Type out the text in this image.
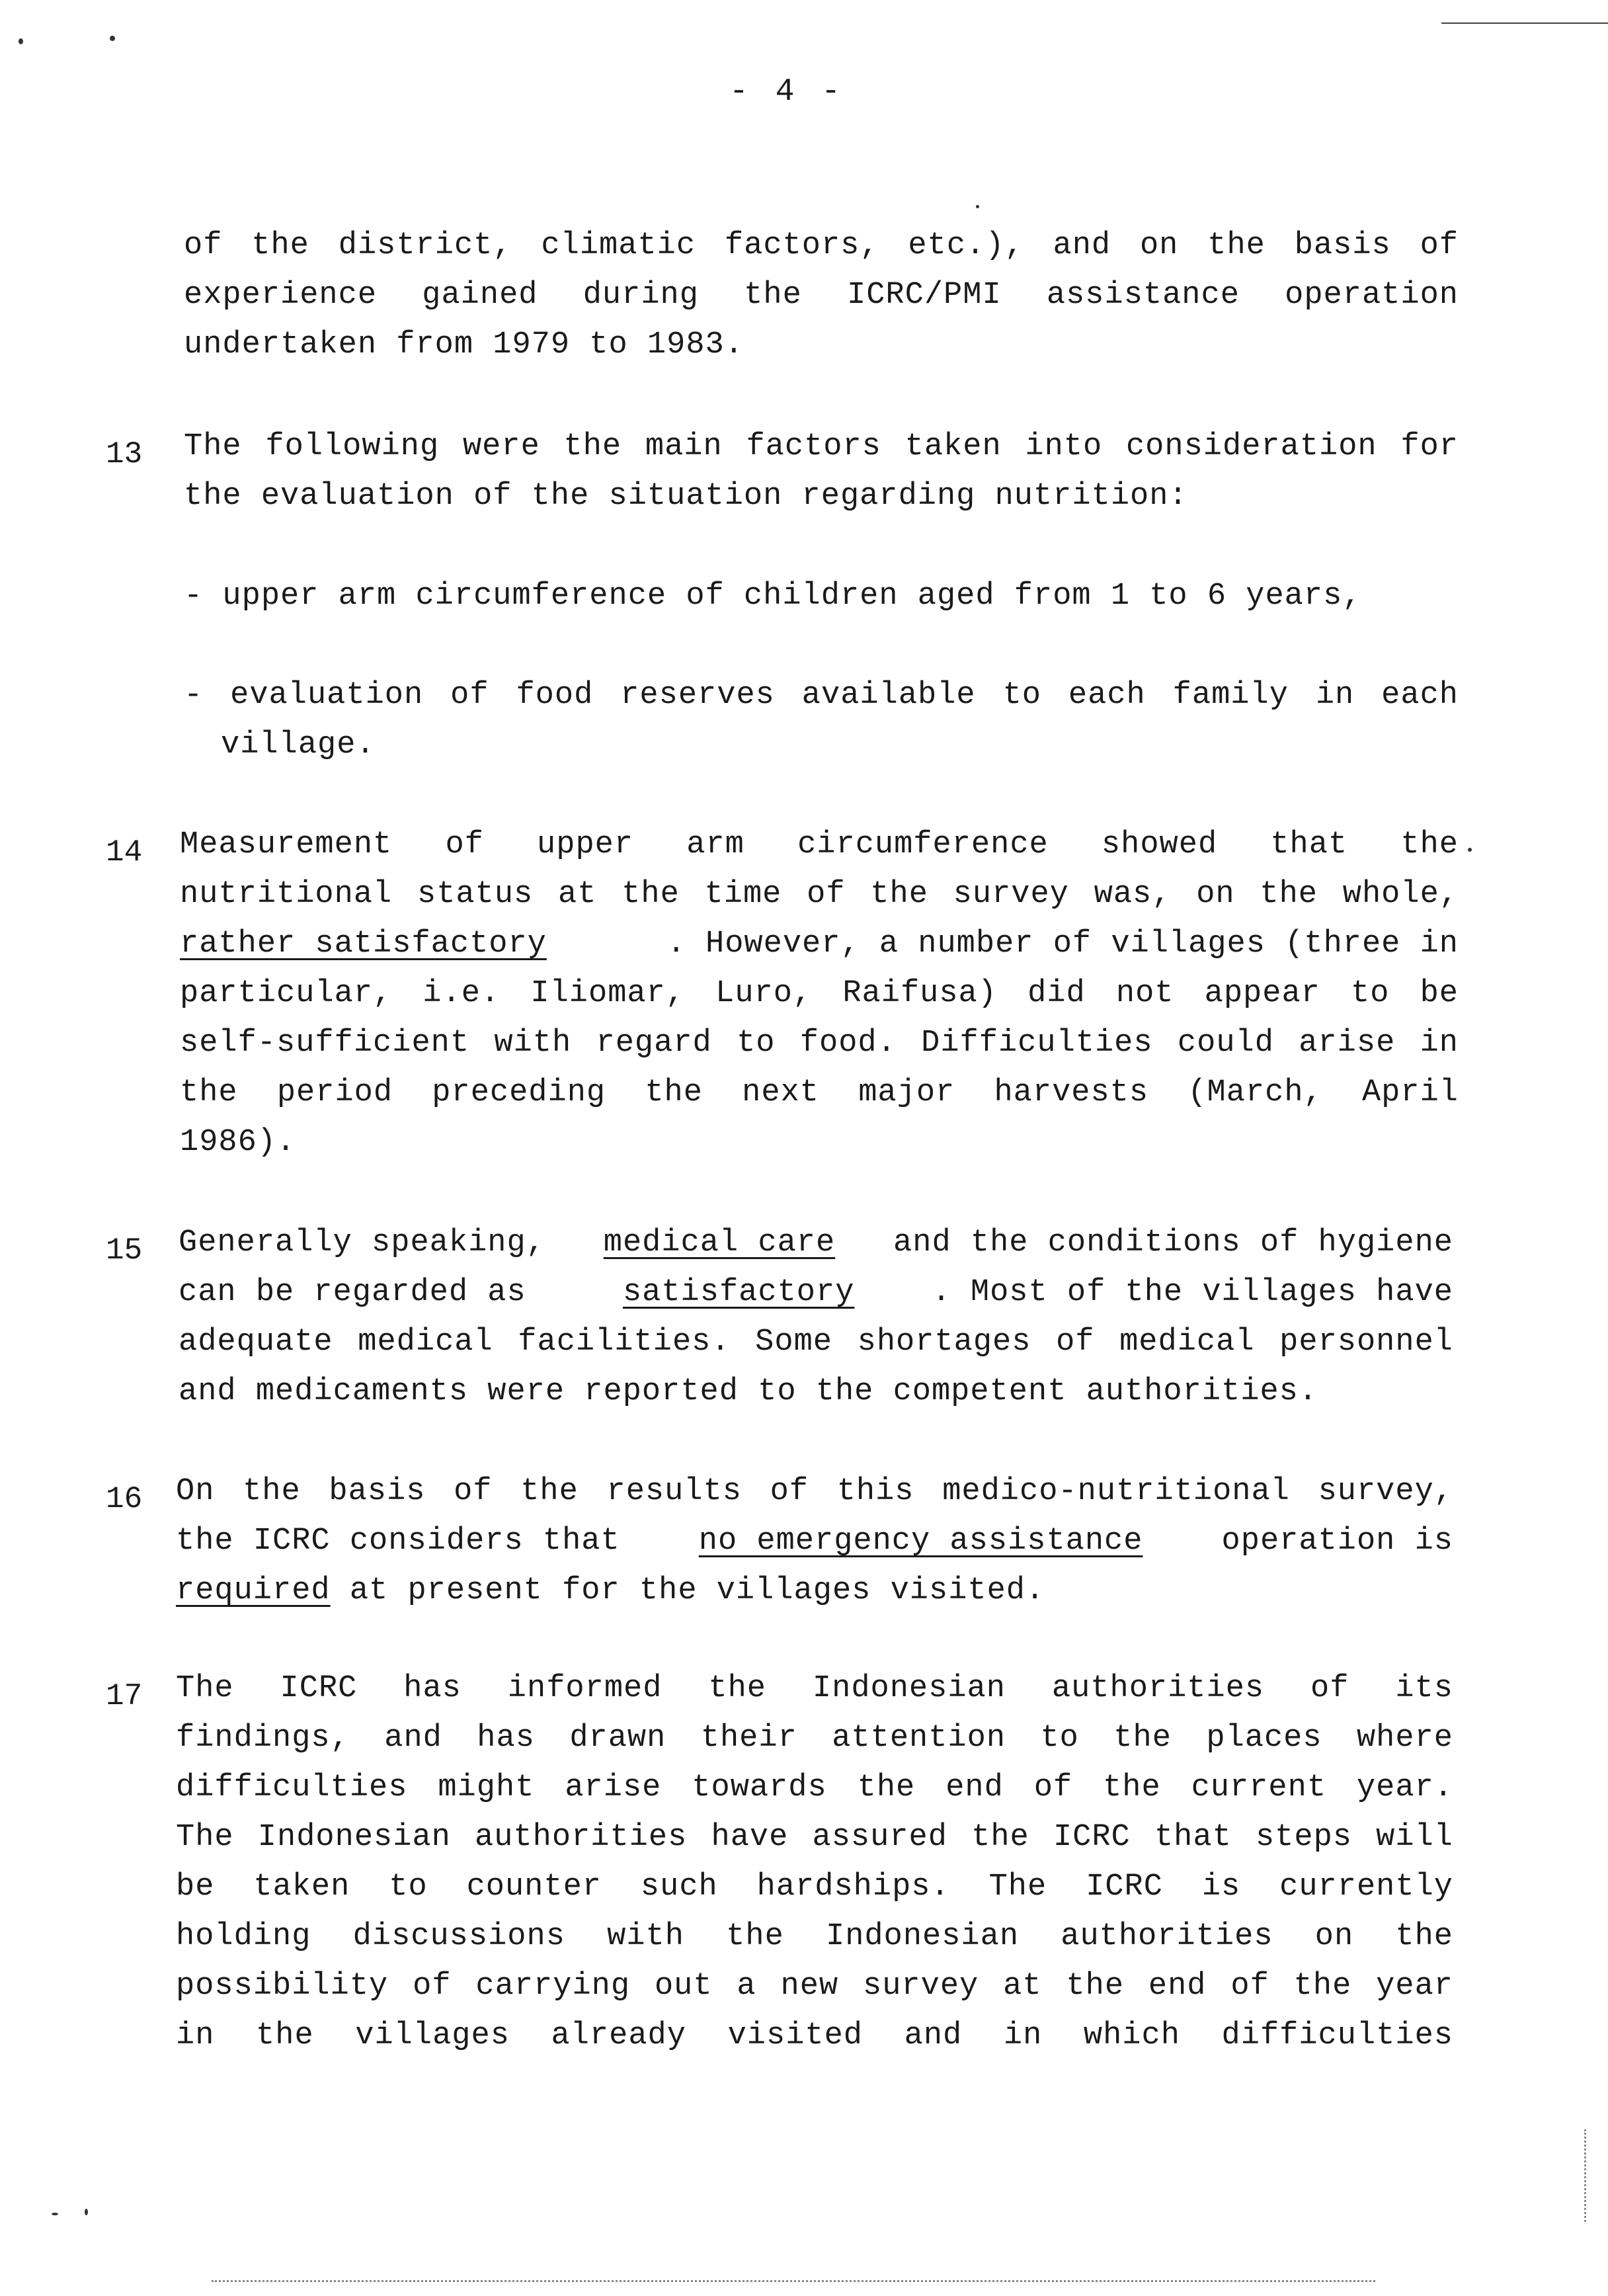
- 4 -
of the district, climatic factors, etc.), and on the basis of
experience gained during the ICRC/PMI assistance operation
undertaken from 1979 to 1983.
13 The following were the main factors taken into consideration for
the evaluation of the situation regarding nutrition:
- upper arm circumference of children aged from 1 to 6 years,
- evaluation of food reserves available to each family in each
village.
14 Measurement of upper arm circumference showed that the
nutritional status at the time of the survey was, on the whole,
rather satisfactory	. However, a number of villages (three in
particular, i.e. Iliomar, Luro, Raifusa) did not appear to be
self-sufficient with regard to food. Difficulties could arise in
the period preceding the next major harvests (March, April
1986).
15 Generally speaking, medical care and the conditions of hygiene
can be regarded as satisfactory . Most of the villages have
adequate medical facilities. Some shortages of medical personnel
and medicaments were reported to the competent authorities.
16 On the basis of the results of this medico-nutritional survey,
the ICRC considers that no emergency assistance operation is
required at present for the villages visited.
17 The ICRC has informed the Indonesian authorities of its
findings, and has drawn their attention to the places where
difficulties might arise towards the end of the current year.
The Indonesian authorities have assured the ICRC that steps will
be taken to counter such hardships. The ICRC is currently
holding discussions with the Indonesian authorities on the
possibility of carrying out a new survey at the end of the year
in the villages already visited and in which difficulties
